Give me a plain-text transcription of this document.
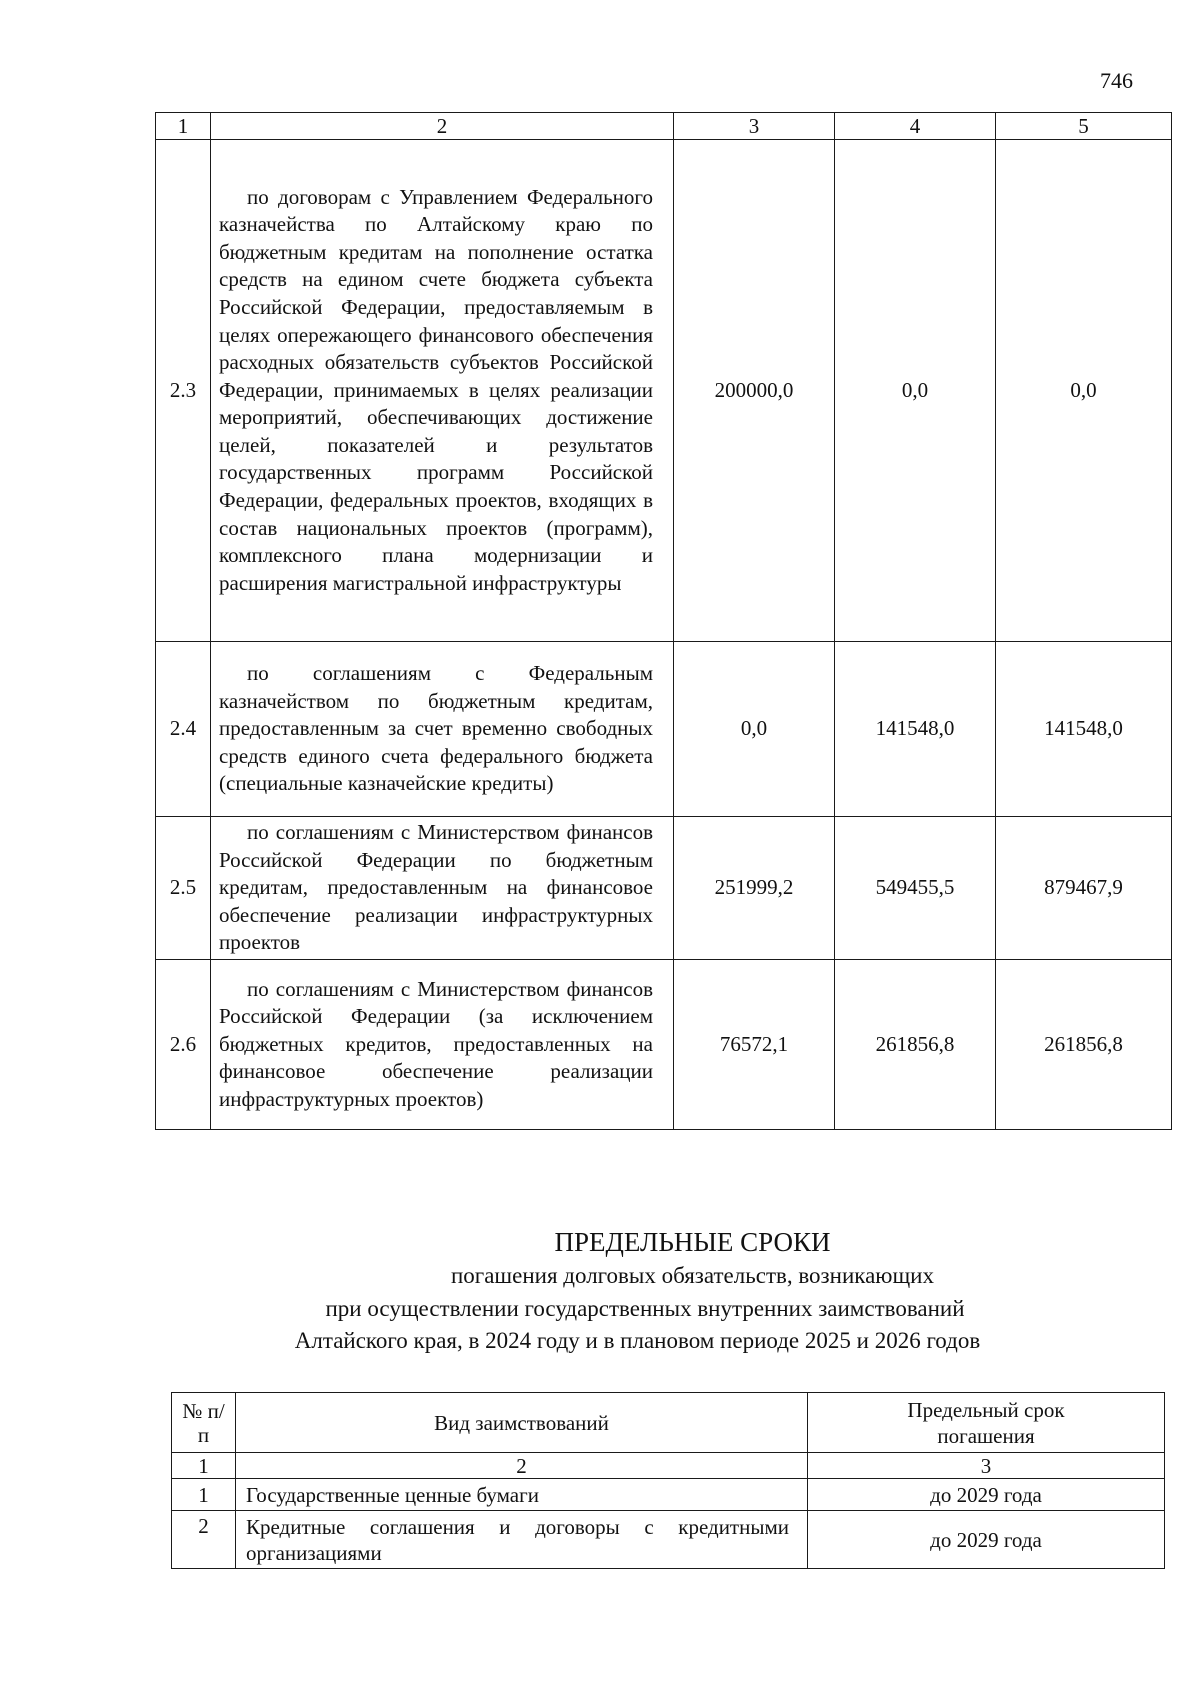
746
1	2	3	4	5
2.3	по договорам с Управлением Федерального казначейства по Алтайскому краю по бюджетным кредитам на пополнение остатка средств на едином счете бюджета субъекта Российской Федерации, предоставляемым в целях опережающего финансового обеспечения расходных обязательств субъектов Российской Федерации, принимаемых в целях реализации мероприятий, обеспечивающих достижение целей, показателей и результатов государственных программ Российской Федерации, федеральных проектов, входящих в состав национальных проектов (программ), комплексного плана модернизации и расширения магистральной инфраструктуры	200000,0	0,0	0,0
2.4	по соглашениям с Федеральным казначейством по бюджетным кредитам, предоставленным за счет временно свободных средств единого счета федерального бюджета (специальные казначейские кредиты)	0,0	141548,0	141548,0
2.5	по соглашениям с Министерством финансов Российской Федерации по бюджетным кредитам, предоставленным на финансовое обеспечение реализации инфраструктурных проектов	251999,2	549455,5	879467,9
2.6	по соглашениям с Министерством финансов Российской Федерации (за исключением бюджетных кредитов, предоставленных на финансовое обеспечение реализации инфраструктурных проектов)	76572,1	261856,8	261856,8
ПРЕДЕЛЬНЫЕ СРОКИ
погашения долговых обязательств, возникающих
при осуществлении государственных внутренних заимствований
Алтайского края, в 2024 году и в плановом периоде 2025 и 2026 годов
№ п/п	Вид заимствований	Предельный срок погашения
1	2	3
1	Государственные ценные бумаги	до 2029 года
2	Кредитные соглашения и договоры с кредитными организациями	до 2029 года
